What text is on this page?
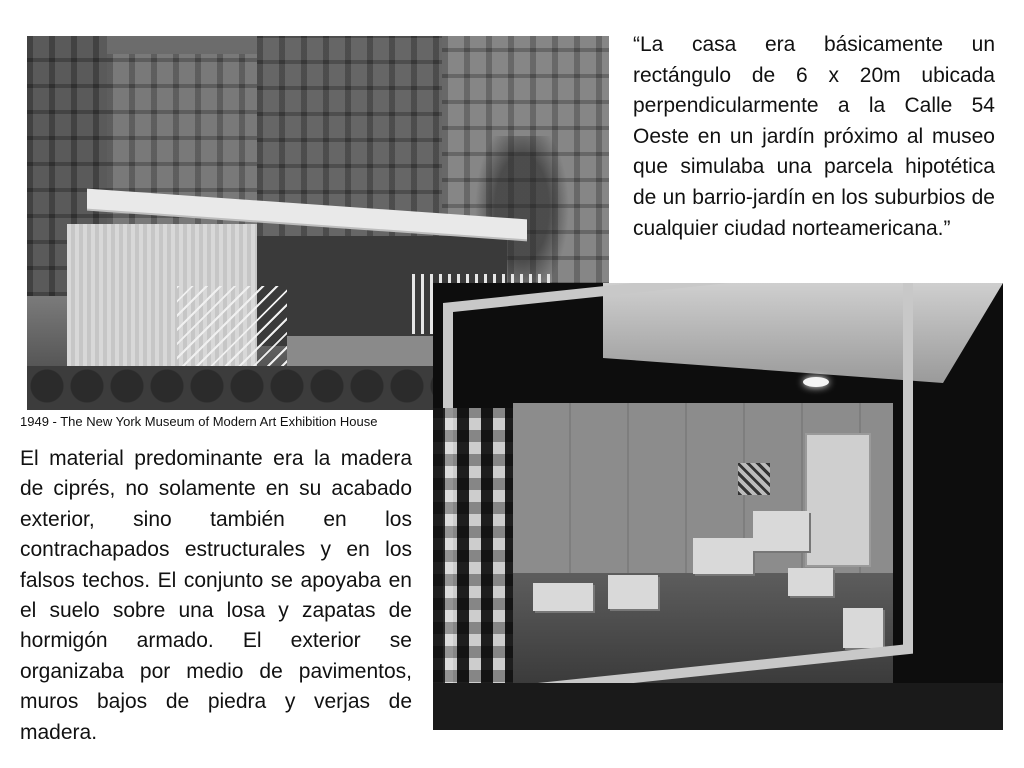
“La casa era básicamente un rectángulo de 6 x 20m ubicada perpendicularmente a la Calle 54 Oeste en un jardín próximo al museo que simulaba una parcela hipotética de un barrio-jardín en los suburbios de cualquier ciudad norteamericana.”
1949 - The New York Museum of Modern Art Exhibition House
El material predominante era la madera de ciprés, no solamente en su acabado exterior, sino también en los contrachapados estructurales y en los falsos techos. El conjunto se apoyaba en el suelo sobre una losa y zapatas de hormigón armado. El exterior se organizaba por medio de pavimentos, muros bajos de piedra y verjas de madera.
